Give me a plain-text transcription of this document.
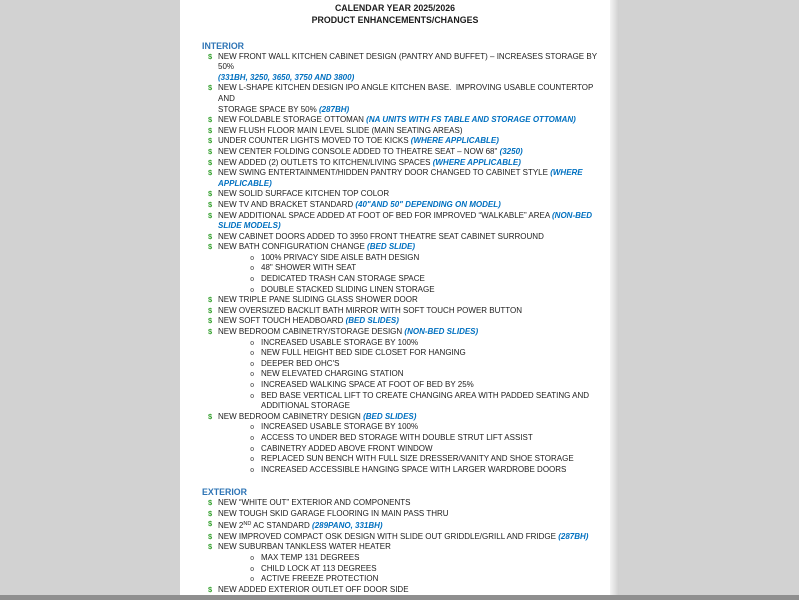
CALENDAR YEAR 2025/2026
PRODUCT ENHANCEMENTS/CHANGES
INTERIOR
$ NEW FRONT WALL KITCHEN CABINET DESIGN (PANTRY AND BUFFET) – INCREASES STORAGE BY 50%
(331BH, 3250, 3650, 3750 AND 3800)
$ NEW L-SHAPE KITCHEN DESIGN IPO ANGLE KITCHEN BASE.  IMPROVING USABLE COUNTERTOP AND
STORAGE SPACE BY 50% (287BH)
$ NEW FOLDABLE STORAGE OTTOMAN (NA UNITS WITH FS TABLE AND STORAGE OTTOMAN)
$ NEW FLUSH FLOOR MAIN LEVEL SLIDE (MAIN SEATING AREAS)
$ UNDER COUNTER LIGHTS MOVED TO TOE KICKS (WHERE APPLICABLE)
$ NEW CENTER FOLDING CONSOLE ADDED TO THEATRE SEAT – NOW 68" (3250)
$ NEW ADDED (2) OUTLETS TO KITCHEN/LIVING SPACES (WHERE APPLICABLE)
$ NEW SWING ENTERTAINMENT/HIDDEN PANTRY DOOR CHANGED TO CABINET STYLE (WHERE
APPLICABLE)
$ NEW SOLID SURFACE KITCHEN TOP COLOR
$ NEW TV AND BRACKET STANDARD (40"AND 50" DEPENDING ON MODEL)
$ NEW ADDITIONAL SPACE ADDED AT FOOT OF BED FOR IMPROVED “WALKABLE” AREA (NON-BED
SLIDE MODELS)
$ NEW CABINET DOORS ADDED TO 3950 FRONT THEATRE SEAT CABINET SURROUND
$ NEW BATH CONFIGURATION CHANGE (BED SLIDE)
o 100% PRIVACY SIDE AISLE BATH DESIGN
o 48" SHOWER WITH SEAT
o DEDICATED TRASH CAN STORAGE SPACE
o DOUBLE STACKED SLIDING LINEN STORAGE
$ NEW TRIPLE PANE SLIDING GLASS SHOWER DOOR
$ NEW OVERSIZED BACKLIT BATH MIRROR WITH SOFT TOUCH POWER BUTTON
$ NEW SOFT TOUCH HEADBOARD (BED SLIDES)
$ NEW BEDROOM CABINETRY/STORAGE DESIGN (NON-BED SLIDES)
o INCREASED USABLE STORAGE BY 100%
o NEW FULL HEIGHT BED SIDE CLOSET FOR HANGING
o DEEPER BED OHC'S
o NEW ELEVATED CHARGING STATION
o INCREASED WALKING SPACE AT FOOT OF BED BY 25%
o BED BASE VERTICAL LIFT TO CREATE CHANGING AREA WITH PADDED SEATING AND
ADDITIONAL STORAGE
$ NEW BEDROOM CABINETRY DESIGN (BED SLIDES)
o INCREASED USABLE STORAGE BY 100%
o ACCESS TO UNDER BED STORAGE WITH DOUBLE STRUT LIFT ASSIST
o CABINETRY ADDED ABOVE FRONT WINDOW
o REPLACED SUN BENCH WITH FULL SIZE DRESSER/VANITY AND SHOE STORAGE
o INCREASED ACCESSIBLE HANGING SPACE WITH LARGER WARDROBE DOORS
EXTERIOR
$ NEW “WHITE OUT” EXTERIOR AND COMPONENTS
$ NEW TOUGH SKID GARAGE FLOORING IN MAIN PASS THRU
$ NEW 2ND AC STANDARD (289PANO, 331BH)
$ NEW IMPROVED COMPACT OSK DESIGN WITH SLIDE OUT GRIDDLE/GRILL AND FRIDGE (287BH)
$ NEW SUBURBAN TANKLESS WATER HEATER
o MAX TEMP 131 DEGREES
o CHILD LOCK AT 113 DEGREES
o ACTIVE FREEZE PROTECTION
$ NEW ADDED EXTERIOR OUTLET OFF DOOR SIDE
